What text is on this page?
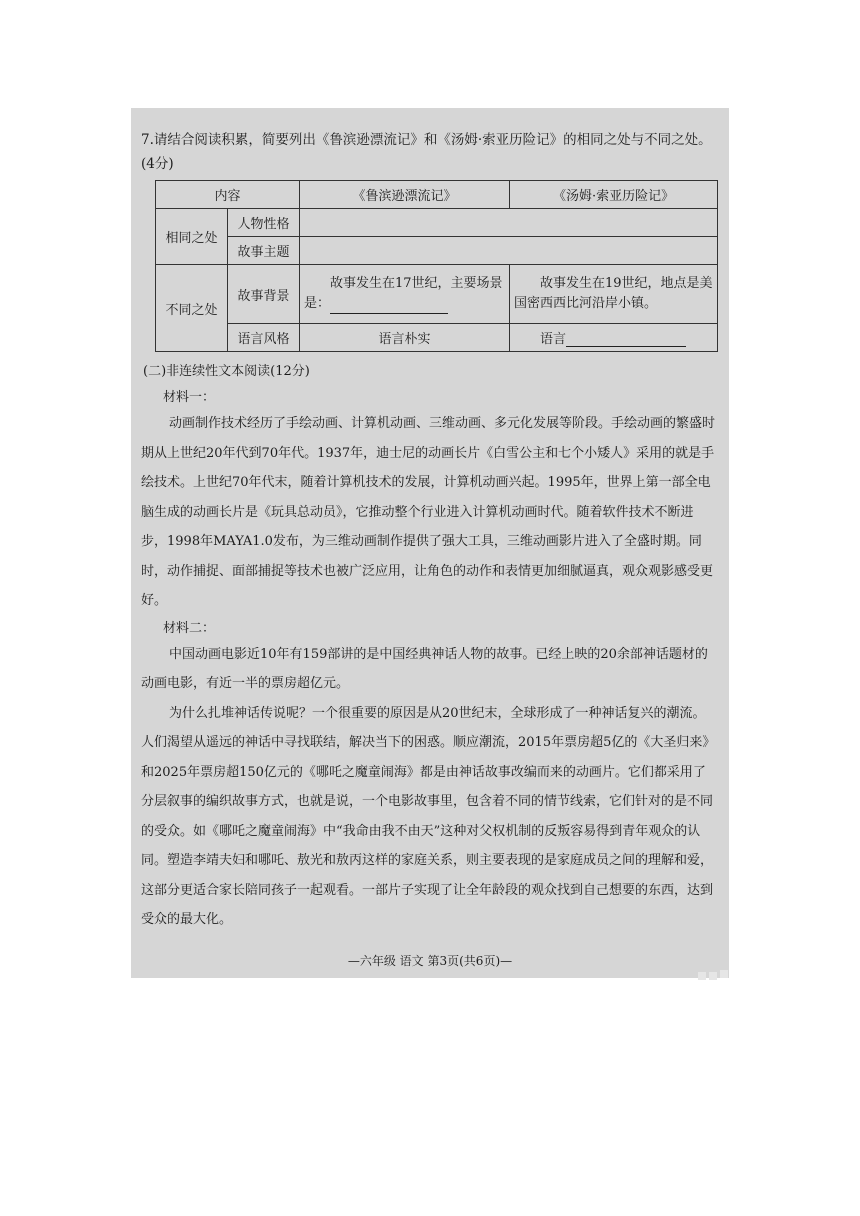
7.请结合阅读积累，简要列出《鲁滨逊漂流记》和《汤姆·索亚历险记》的相同之处与不同之处。(4分)

内容		《鲁滨逊漂流记》	《汤姆·索亚历险记》
相同之处	人物性格		
	故事主题		
不同之处	故事背景	故事发生在17世纪，主要场景是：	故事发生在19世纪，地点是美国密西西比河沿岸小镇。

	语言风格	语言朴实	语言
(二)非连续性文本阅读(12分)
材料一：

动画制作技术经历了手绘动画、计算机动画、三维动画、多元化发展等阶段。手绘动画的繁盛时期从上世纪20年代到70年代。1937年，迪士尼的动画长片《白雪公主和七个小矮人》采用的就是手绘技术。上世纪70年代末，随着计算机技术的发展，计算机动画兴起。1995年，世界上第一部全电脑生成的动画长片是《玩具总动员》，它推动整个行业进入计算机动画时代。随着软件技术不断进步，1998年MAYA1.0发布，为三维动画制作提供了强大工具，三维动画影片进入了全盛时期。同时，动作捕捉、面部捕捉等技术也被广泛应用，让角色的动作和表情更加细腻逼真，观众观影感受更好。

材料二：

中国动画电影近10年有159部讲的是中国经典神话人物的故事。已经上映的20余部神话题材的动画电影，有近一半的票房超亿元。

为什么扎堆神话传说呢？一个很重要的原因是从20世纪末，全球形成了一种神话复兴的潮流。人们渴望从遥远的神话中寻找联结，解决当下的困惑。顺应潮流，2015年票房超5亿的《大圣归来》和2025年票房超150亿元的《哪吒之魔童闹海》都是由神话故事改编而来的动画片。它们都采用了分层叙事的编织故事方式，也就是说，一个电影故事里，包含着不同的情节线索，它们针对的是不同的受众。如《哪吒之魔童闹海》中“我命由我不由天”这种对父权机制的反叛容易得到青年观众的认同。塑造李靖夫妇和哪吒、敖光和敖丙这样的家庭关系，则主要表现的是家庭成员之间的理解和爱，这部分更适合家长陪同孩子一起观看。一部片子实现了让全年龄段的观众找到自己想要的东西，达到受众的最大化。

—六年级 语文 第3页(共6页)—
